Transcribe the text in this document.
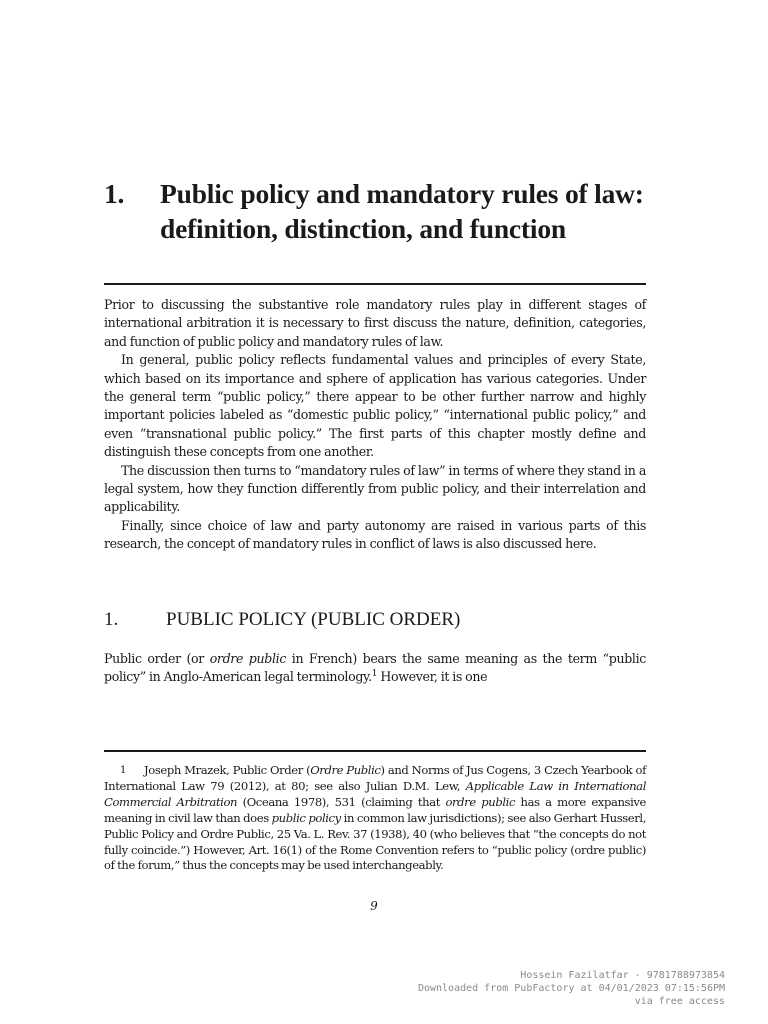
1. Public policy and mandatory rules of law: definition, distinction, and function

Prior to discussing the substantive role mandatory rules play in different stages of international arbitration it is necessary to first discuss the nature, definition, categories, and function of public policy and mandatory rules of law.

In general, public policy reflects fundamental values and principles of every State, which based on its importance and sphere of application has various categories. Under the general term “public policy,” there appear to be other further narrow and highly important policies labeled as “domestic public policy,” “international public policy,” and even “transnational public policy.” The first parts of this chapter mostly define and distinguish these concepts from one another.

The discussion then turns to “mandatory rules of law” in terms of where they stand in a legal system, how they function differently from public policy, and their interrelation and applicability.

Finally, since choice of law and party autonomy are raised in various parts of this research, the concept of mandatory rules in conflict of laws is also discussed here.

1.	PUBLIC POLICY (PUBLIC ORDER)

Public order (or ordre public in French) bears the same meaning as the term “public policy” in Anglo-American legal terminology.$^1$ However, it is one

1 Joseph Mrazek, Public Order (Ordre Public) and Norms of Jus Cogens, 3 Czech Yearbook of International Law 79 (2012), at 80; see also Julian D.M. Lew, Applicable Law in International Commercial Arbitration (Oceana 1978), 531 (claiming that ordre public has a more expansive meaning in civil law than does public policy in common law jurisdictions); see also Gerhart Husserl, Public Policy and Ordre Public, 25 Va. L. Rev. 37 (1938), 40 (who believes that “the concepts do not fully coincide.”) However, Art. 16(1) of the Rome Convention refers to “public policy (ordre public) of the forum,” thus the concepts may be used interchangeably.
9
Hossein Fazilatfar - 9781788973854
Downloaded from PubFactory at 04/01/2023 07:15:56PM
via free access
